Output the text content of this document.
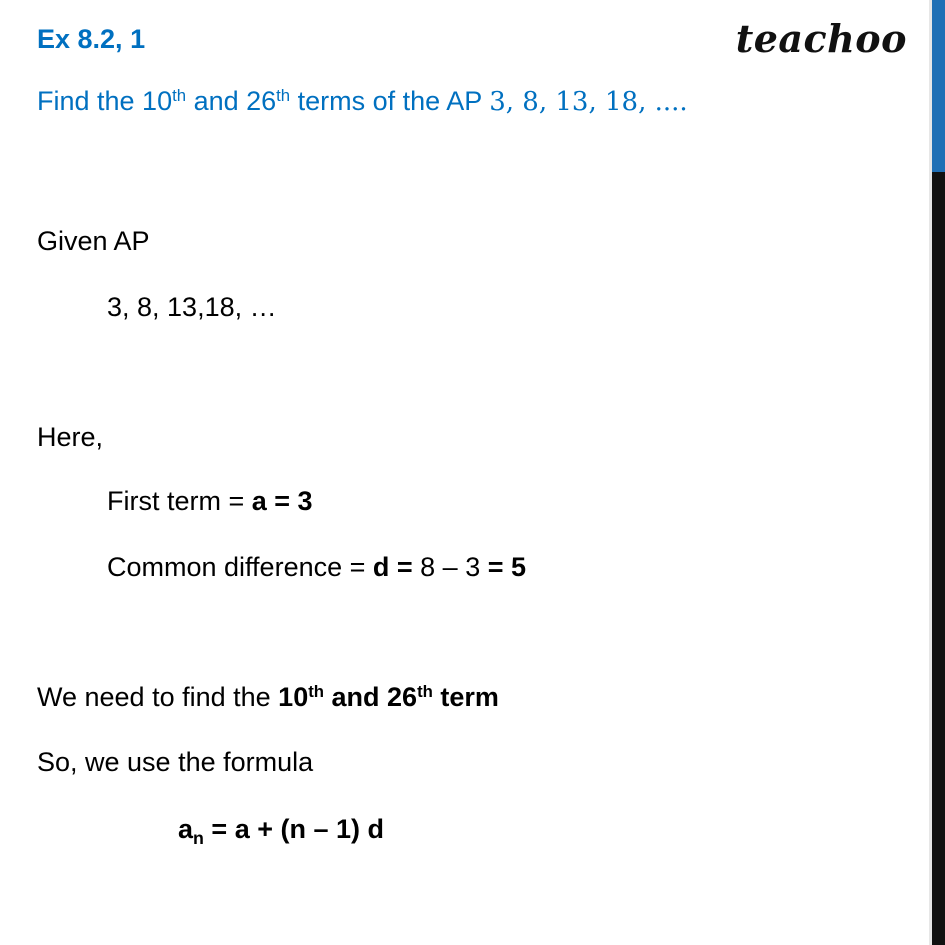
Ex 8.2, 1	teachoo
Find the 10th and 26th terms of the AP 3, 8, 13, 18, ....
Given AP
3, 8, 13,18, …
Here,
First term = a = 3
Common difference = d = 8 – 3 = 5
We need to find the 10th and 26th term
So, we use the formula
$a_n = a + (n - 1)$ d
